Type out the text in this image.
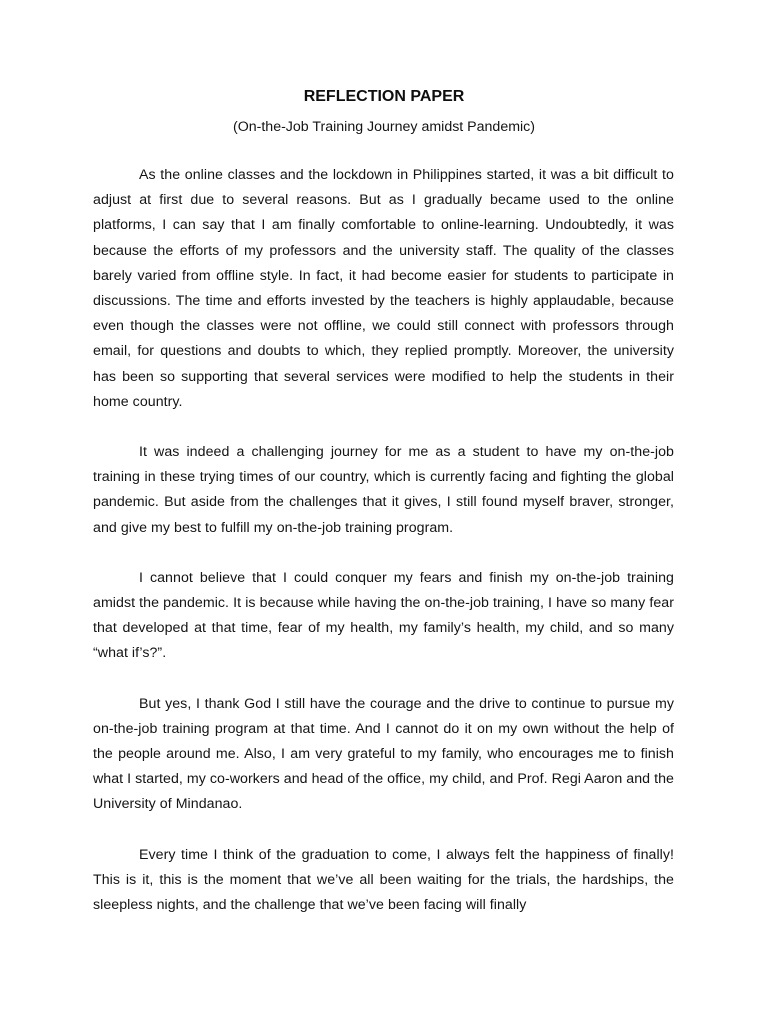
REFLECTION PAPER

(On-the-Job Training Journey amidst Pandemic)

As the online classes and the lockdown in Philippines started, it was a bit difficult to adjust at first due to several reasons. But as I gradually became used to the online platforms, I can say that I am finally comfortable to online-learning. Undoubtedly, it was because the efforts of my professors and the university staff. The quality of the classes barely varied from offline style. In fact, it had become easier for students to participate in discussions. The time and efforts invested by the teachers is highly applaudable, because even though the classes were not offline, we could still connect with professors through email, for questions and doubts to which, they replied promptly. Moreover, the university has been so supporting that several services were modified to help the students in their home country.

It was indeed a challenging journey for me as a student to have my on-the-job training in these trying times of our country, which is currently facing and fighting the global pandemic. But aside from the challenges that it gives, I still found myself braver, stronger, and give my best to fulfill my on-the-job training program.

I cannot believe that I could conquer my fears and finish my on-the-job training amidst the pandemic. It is because while having the on-the-job training, I have so many fear that developed at that time, fear of my health, my family’s health, my child, and so many “what if’s?”.

But yes, I thank God I still have the courage and the drive to continue to pursue my on-the-job training program at that time. And I cannot do it on my own without the help of the people around me. Also, I am very grateful to my family, who encourages me to finish what I started, my co-workers and head of the office, my child, and Prof. Regi Aaron and the University of Mindanao.

Every time I think of the graduation to come, I always felt the happiness of finally! This is it, this is the moment that we’ve all been waiting for the trials, the hardships, the sleepless nights, and the challenge that we’ve been facing will finally
